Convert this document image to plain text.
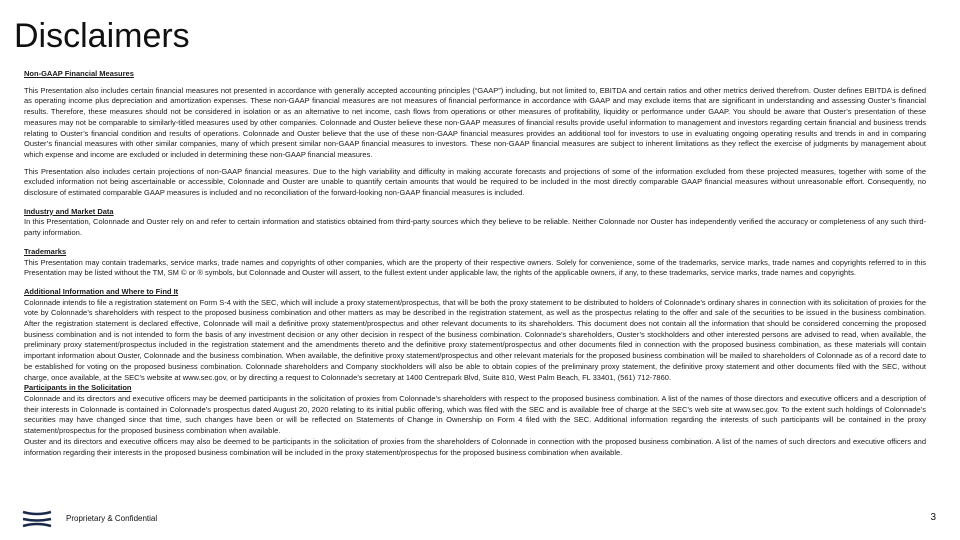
Disclaimers

Non-GAAP Financial Measures

This Presentation also includes certain financial measures not presented in accordance with generally accepted accounting principles (“GAAP”) including, but not limited to, EBITDA and certain ratios and other metrics derived therefrom. Ouster defines EBITDA is defined as operating income plus depreciation and amortization expenses. These non-GAAP financial measures are not measures of financial performance in accordance with GAAP and may exclude items that are significant in understanding and assessing Ouster’s financial results. Therefore, these measures should not be considered in isolation or as an alternative to net income, cash flows from operations or other measures of profitability, liquidity or performance under GAAP. You should be aware that Ouster’s presentation of these measures may not be comparable to similarly-titled measures used by other companies. Colonnade and Ouster believe these non-GAAP measures of financial results provide useful information to management and investors regarding certain financial and business trends relating to Ouster’s financial condition and results of operations. Colonnade and Ouster believe that the use of these non-GAAP financial measures provides an additional tool for investors to use in evaluating ongoing operating results and trends in and in comparing Ouster’s financial measures with other similar companies, many of which present similar non-GAAP financial measures to investors. These non-GAAP financial measures are subject to inherent limitations as they reflect the exercise of judgments by management about which expense and income are excluded or included in determining these non-GAAP financial measures.

This Presentation also includes certain projections of non-GAAP financial measures. Due to the high variability and difficulty in making accurate forecasts and projections of some of the information excluded from these projected measures, together with some of the excluded information not being ascertainable or accessible, Colonnade and Ouster are unable to quantify certain amounts that would be required to be included in the most directly comparable GAAP financial measures without unreasonable effort. Consequently, no disclosure of estimated comparable GAAP measures is included and no reconciliation of the forward-looking non-GAAP financial measures is included.

Industry and Market Data

In this Presentation, Colonnade and Ouster rely on and refer to certain information and statistics obtained from third-party sources which they believe to be reliable. Neither Colonnade nor Ouster has independently verified the accuracy or completeness of any such third-party information.

Trademarks

This Presentation may contain trademarks, service marks, trade names and copyrights of other companies, which are the property of their respective owners. Solely for convenience, some of the trademarks, service marks, trade names and copyrights referred to in this Presentation may be listed without the TM, SM © or ® symbols, but Colonnade and Ouster will assert, to the fullest extent under applicable law, the rights of the applicable owners, if any, to these trademarks, service marks, trade names and copyrights.

Additional Information and Where to Find It

Colonnade intends to file a registration statement on Form S-4 with the SEC, which will include a proxy statement/prospectus, that will be both the proxy statement to be distributed to holders of Colonnade’s ordinary shares in connection with its solicitation of proxies for the vote by Colonnade’s shareholders with respect to the proposed business combination and other matters as may be described in the registration statement, as well as the prospectus relating to the offer and sale of the securities to be issued in the business combination. After the registration statement is declared effective, Colonnade will mail a definitive proxy statement/prospectus and other relevant documents to its shareholders. This document does not contain all the information that should be considered concerning the proposed business combination and is not intended to form the basis of any investment decision or any other decision in respect of the business combination. Colonnade’s shareholders, Ouster’s stockholders and other interested persons are advised to read, when available, the preliminary proxy statement/prospectus included in the registration statement and the amendments thereto and the definitive proxy statement/prospectus and other documents filed in connection with the proposed business combination, as these materials will contain important information about Ouster, Colonnade and the business combination. When available, the definitive proxy statement/prospectus and other relevant materials for the proposed business combination will be mailed to shareholders of Colonnade as of a record date to be established for voting on the proposed business combination. Colonnade shareholders and Company stockholders will also be able to obtain copies of the preliminary proxy statement, the definitive proxy statement and other documents filed with the SEC, without charge, once available, at the SEC’s website at www.sec.gov, or by directing a request to Colonnade’s secretary at 1400 Centrepark Blvd, Suite 810, West Palm Beach, FL 33401, (561) 712-7860.

Participants in the Solicitation

Colonnade and its directors and executive officers may be deemed participants in the solicitation of proxies from Colonnade’s shareholders with respect to the proposed business combination. A list of the names of those directors and executive officers and a description of their interests in Colonnade is contained in Colonnade’s prospectus dated August 20, 2020 relating to its initial public offering, which was filed with the SEC and is available free of charge at the SEC’s web site at www.sec.gov. To the extent such holdings of Colonnade’s securities may have changed since that time, such changes have been or will be reflected on Statements of Change in Ownership on Form 4 filed with the SEC. Additional information regarding the interests of such participants will be contained in the proxy statement/prospectus for the proposed business combination when available.

Ouster and its directors and executive officers may also be deemed to be participants in the solicitation of proxies from the shareholders of Colonnade in connection with the proposed business combination. A list of the names of such directors and executive officers and information regarding their interests in the proposed business combination will be included in the proxy statement/prospectus for the proposed business combination when available.

Proprietary & Confidential	3
